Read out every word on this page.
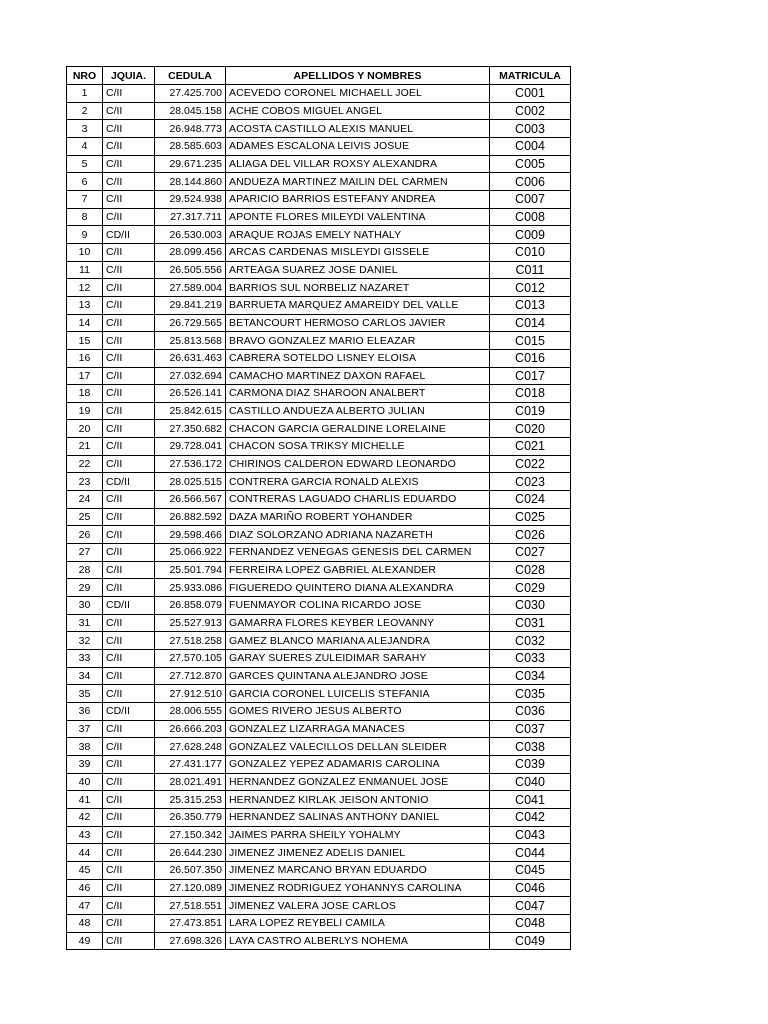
NRO	JQUIA.	CEDULA	APELLIDOS Y NOMBRES	MATRICULA
1	C/II	27.425.700	ACEVEDO CORONEL MICHAELL JOEL	C001
2	C/II	28.045.158	ACHE COBOS MIGUEL ANGEL	C002
3	C/II	26.948.773	ACOSTA CASTILLO ALEXIS MANUEL	C003
4	C/II	28.585.603	ADAMES ESCALONA LEIVIS JOSUE	C004
5	C/II	29.671.235	ALIAGA DEL VILLAR ROXSY ALEXANDRA	C005
6	C/II	28.144.860	ANDUEZA MARTINEZ MAILIN DEL CARMEN	C006
7	C/II	29.524.938	APARICIO BARRIOS ESTEFANY ANDREA	C007
8	C/II	27.317.711	APONTE FLORES MILEYDI VALENTINA	C008
9	CD/II	26.530.003	ARAQUE ROJAS EMELY NATHALY	C009
10	C/II	28.099.456	ARCAS CARDENAS MISLEYDI GISSELE	C010
11	C/II	26.505.556	ARTEAGA SUAREZ JOSE DANIEL	C011
12	C/II	27.589.004	BARRIOS SUL NORBELIZ NAZARET	C012
13	C/II	29.841.219	BARRUETA MARQUEZ AMAREIDY DEL VALLE	C013
14	C/II	26.729.565	BETANCOURT HERMOSO CARLOS JAVIER	C014
15	C/II	25.813.568	BRAVO GONZALEZ MARIO ELEAZAR	C015
16	C/II	26.631.463	CABRERA SOTELDO LISNEY ELOISA	C016
17	C/II	27.032.694	CAMACHO MARTINEZ DAXON RAFAEL	C017
18	C/II	26.526.141	CARMONA DIAZ SHAROON ANALBERT	C018
19	C/II	25.842.615	CASTILLO ANDUEZA ALBERTO JULIAN	C019
20	C/II	27.350.682	CHACON GARCIA GERALDINE LORELAINE	C020
21	C/II	29.728.041	CHACON SOSA TRIKSY MICHELLE	C021
22	C/II	27.536.172	CHIRINOS CALDERON EDWARD LEONARDO	C022
23	CD/II	28.025.515	CONTRERA GARCIA RONALD ALEXIS	C023
24	C/II	26.566.567	CONTRERAS LAGUADO CHARLIS EDUARDO	C024
25	C/II	26.882.592	DAZA MARIÑO ROBERT YOHANDER	C025
26	C/II	29.598.466	DIAZ SOLORZANO ADRIANA NAZARETH	C026
27	C/II	25.066.922	FERNANDEZ VENEGAS GENESIS DEL CARMEN	C027
28	C/II	25.501.794	FERREIRA LOPEZ GABRIEL ALEXANDER	C028
29	C/II	25.933.086	FIGUEREDO QUINTERO DIANA ALEXANDRA	C029
30	CD/II	26.858.079	FUENMAYOR COLINA RICARDO JOSE	C030
31	C/II	25.527.913	GAMARRA FLORES KEYBER LEOVANNY	C031
32	C/II	27.518.258	GAMEZ BLANCO MARIANA ALEJANDRA	C032
33	C/II	27.570.105	GARAY SUERES ZULEIDIMAR SARAHY	C033
34	C/II	27.712.870	GARCES QUINTANA ALEJANDRO JOSE	C034
35	C/II	27.912.510	GARCIA CORONEL LUICELIS STEFANIA	C035
36	CD/II	28.006.555	GOMES RIVERO JESUS ALBERTO	C036
37	C/II	26.666.203	GONZALEZ LIZARRAGA MANACES	C037
38	C/II	27.628.248	GONZALEZ VALECILLOS DELLAN SLEIDER	C038
39	C/II	27.431.177	GONZALEZ YEPEZ ADAMARIS CAROLINA	C039
40	C/II	28.021.491	HERNANDEZ GONZALEZ ENMANUEL JOSE	C040
41	C/II	25.315.253	HERNANDEZ KIRLAK JEISON ANTONIO	C041
42	C/II	26.350.779	HERNANDEZ SALINAS ANTHONY DANIEL	C042
43	C/II	27.150.342	JAIMES PARRA SHEILY YOHALMY	C043
44	C/II	26.644.230	JIMENEZ JIMENEZ ADELIS DANIEL	C044
45	C/II	26.507.350	JIMENEZ MARCANO BRYAN EDUARDO	C045
46	C/II	27.120.089	JIMENEZ RODRIGUEZ YOHANNYS CAROLINA	C046
47	C/II	27.518.551	JIMENEZ VALERA JOSE CARLOS	C047
48	C/II	27.473.851	LARA LOPEZ REYBELI CAMILA	C048
49	C/II	27.698.326	LAYA CASTRO ALBERLYS NOHEMA	C049
